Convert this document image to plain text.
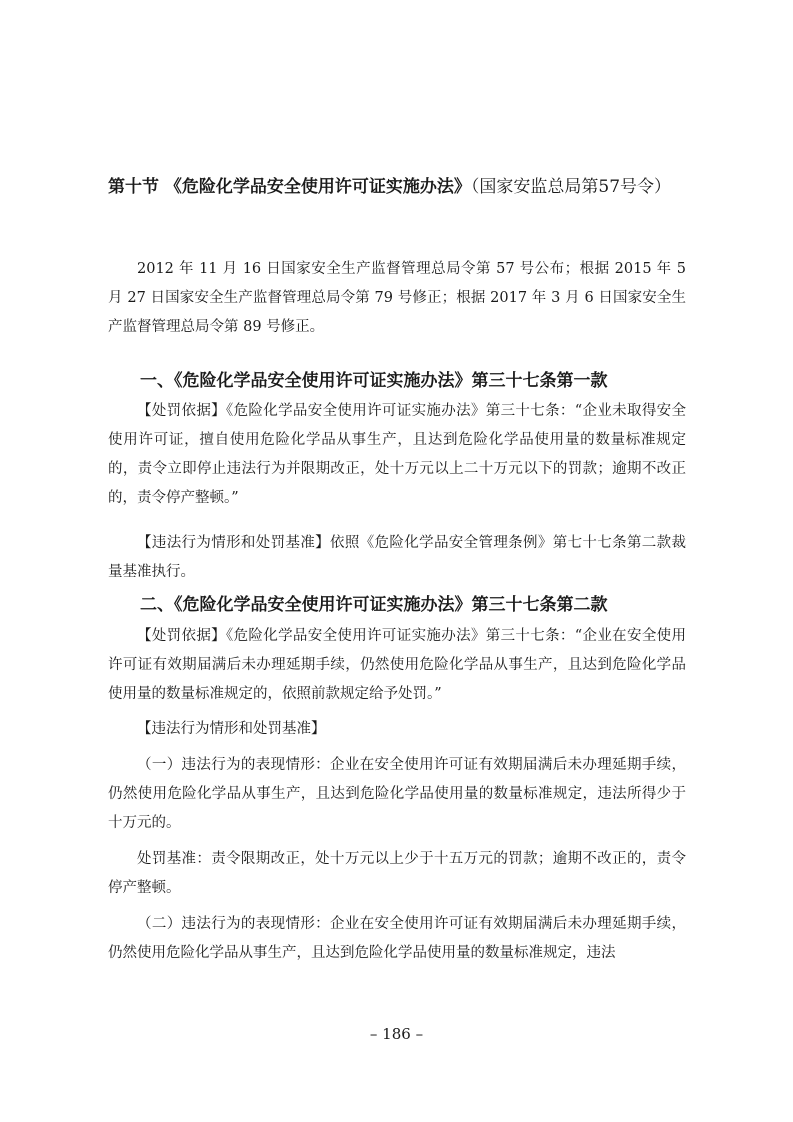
第十节 《危险化学品安全使用许可证实施办法》（国家安监总局第57号令）

2012 年 11 月 16 日国家安全生产监督管理总局令第 57 号公布；根据 2015 年 5 月 27 日国家安全生产监督管理总局令第 79 号修正；根据 2017 年 3 月 6 日国家安全生产监督管理总局令第 89 号修正。

一、《危险化学品安全使用许可证实施办法》第三十七条第一款

【处罚依据】《危险化学品安全使用许可证实施办法》第三十七条：“企业未取得安全使用许可证，擅自使用危险化学品从事生产，且达到危险化学品使用量的数量标准规定的，责令立即停止违法行为并限期改正，处十万元以上二十万元以下的罚款；逾期不改正的，责令停产整顿。”

【违法行为情形和处罚基准】依照《危险化学品安全管理条例》第七十七条第二款裁量基准执行。

二、《危险化学品安全使用许可证实施办法》第三十七条第二款

【处罚依据】《危险化学品安全使用许可证实施办法》第三十七条：“企业在安全使用许可证有效期届满后未办理延期手续，仍然使用危险化学品从事生产，且达到危险化学品使用量的数量标准规定的，依照前款规定给予处罚。”

【违法行为情形和处罚基准】

（一）违法行为的表现情形：企业在安全使用许可证有效期届满后未办理延期手续，仍然使用危险化学品从事生产，且达到危险化学品使用量的数量标准规定，违法所得少于十万元的。

处罚基准：责令限期改正，处十万元以上少于十五万元的罚款；逾期不改正的，责令停产整顿。

（二）违法行为的表现情形：企业在安全使用许可证有效期届满后未办理延期手续，仍然使用危险化学品从事生产，且达到危险化学品使用量的数量标准规定，违法

– 186 –
